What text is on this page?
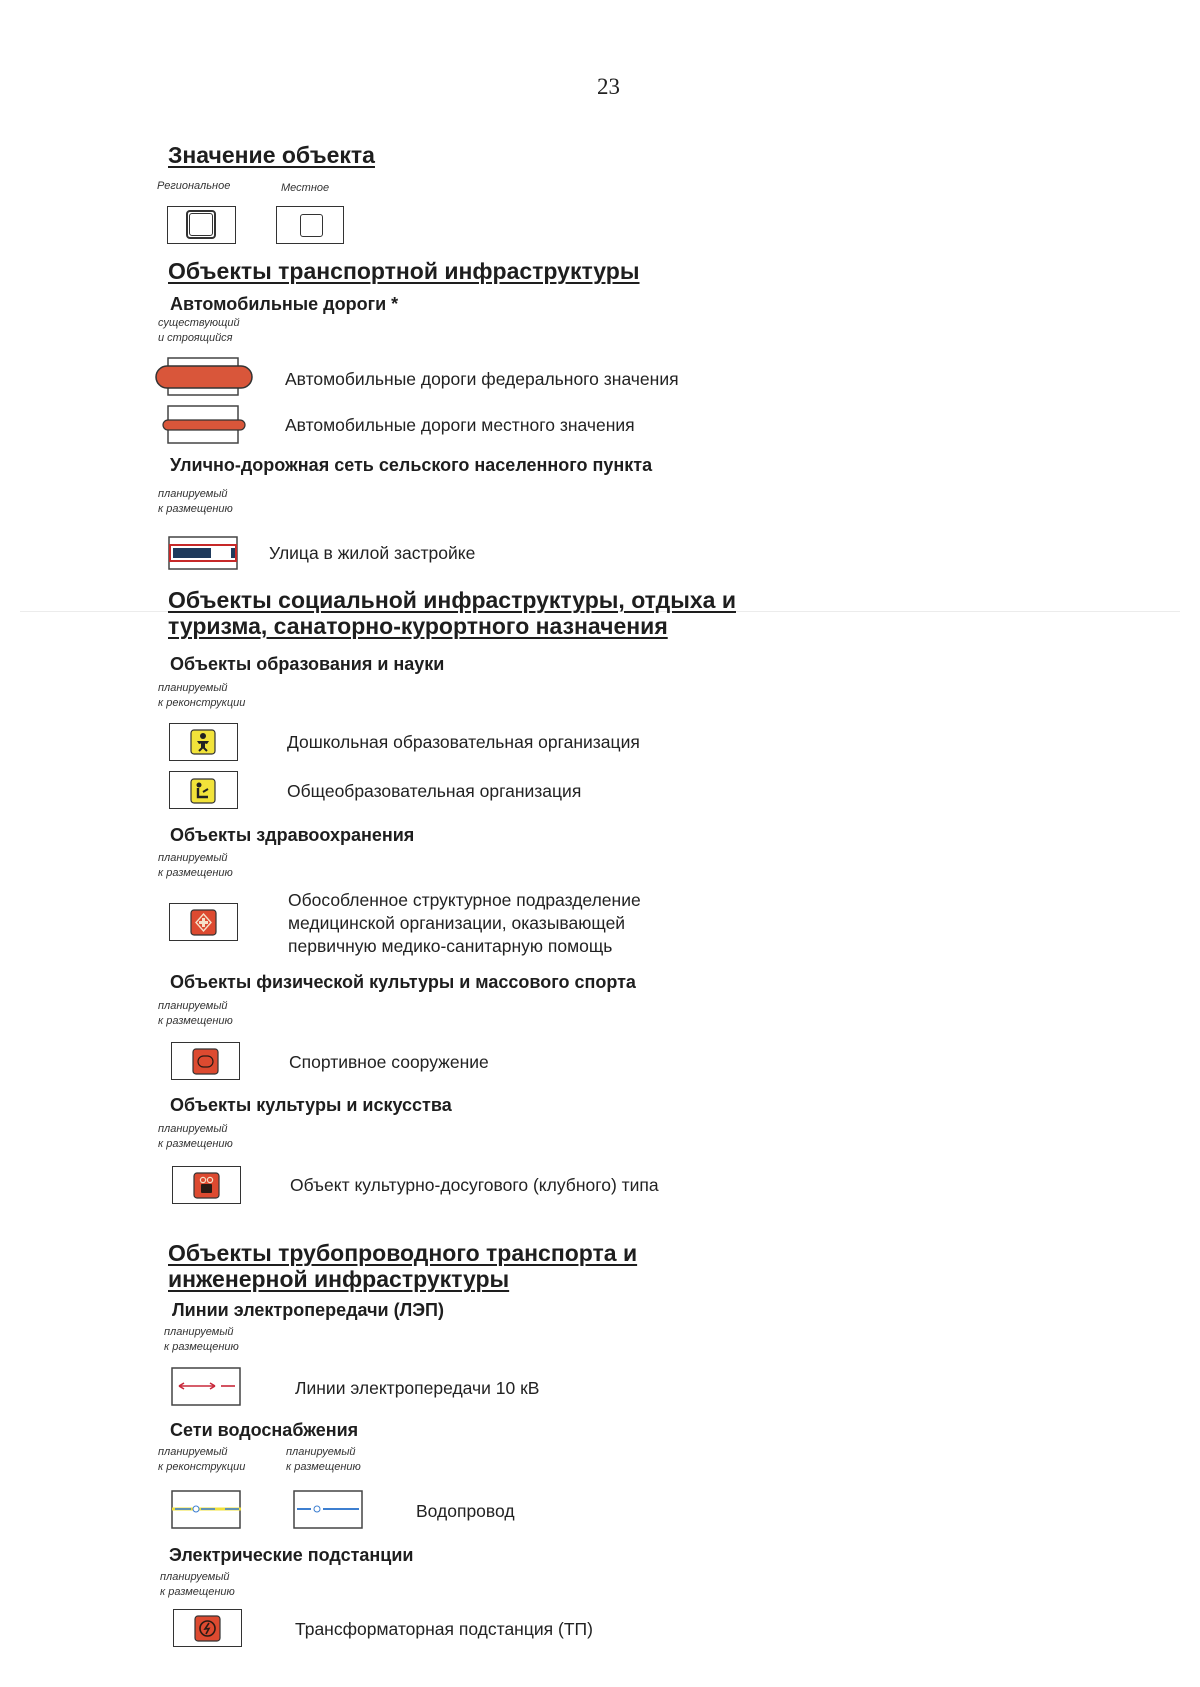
23
Значение объекта
Региональное	Местное
Объекты транспортной инфраструктуры
Автомобильные дороги *
существующий
и строящийся
Автомобильные дороги федерального значения
Автомобильные дороги местного значения
Улично-дорожная сеть сельского населенного пункта
планируемый
к размещению
Улица в жилой застройке
Объекты социальной инфраструктуры, отдыха и
туризма, санаторно-курортного назначения
Объекты образования и науки
планируемый
к реконструкции
Дошкольная образовательная организация
Общеобразовательная организация
Объекты здравоохранения
планируемый
к размещению
Обособленное структурное подразделение
медицинской организации, оказывающей
первичную медико-санитарную помощь
Объекты физической культуры и массового спорта
планируемый
к размещению
Спортивное сооружение
Объекты культуры и искусства
планируемый
к размещению
Объект культурно-досугового (клубного) типа
Объекты трубопроводного транспорта и
инженерной инфраструктуры
Линии электропередачи (ЛЭП)
планируемый
к размещению
Линии электропередачи 10 кВ
Сети водоснабжения
планируемый
к реконструкции
планируемый
к размещению
Водопровод
Электрические подстанции
планируемый
к размещению
Трансформаторная подстанция (ТП)
